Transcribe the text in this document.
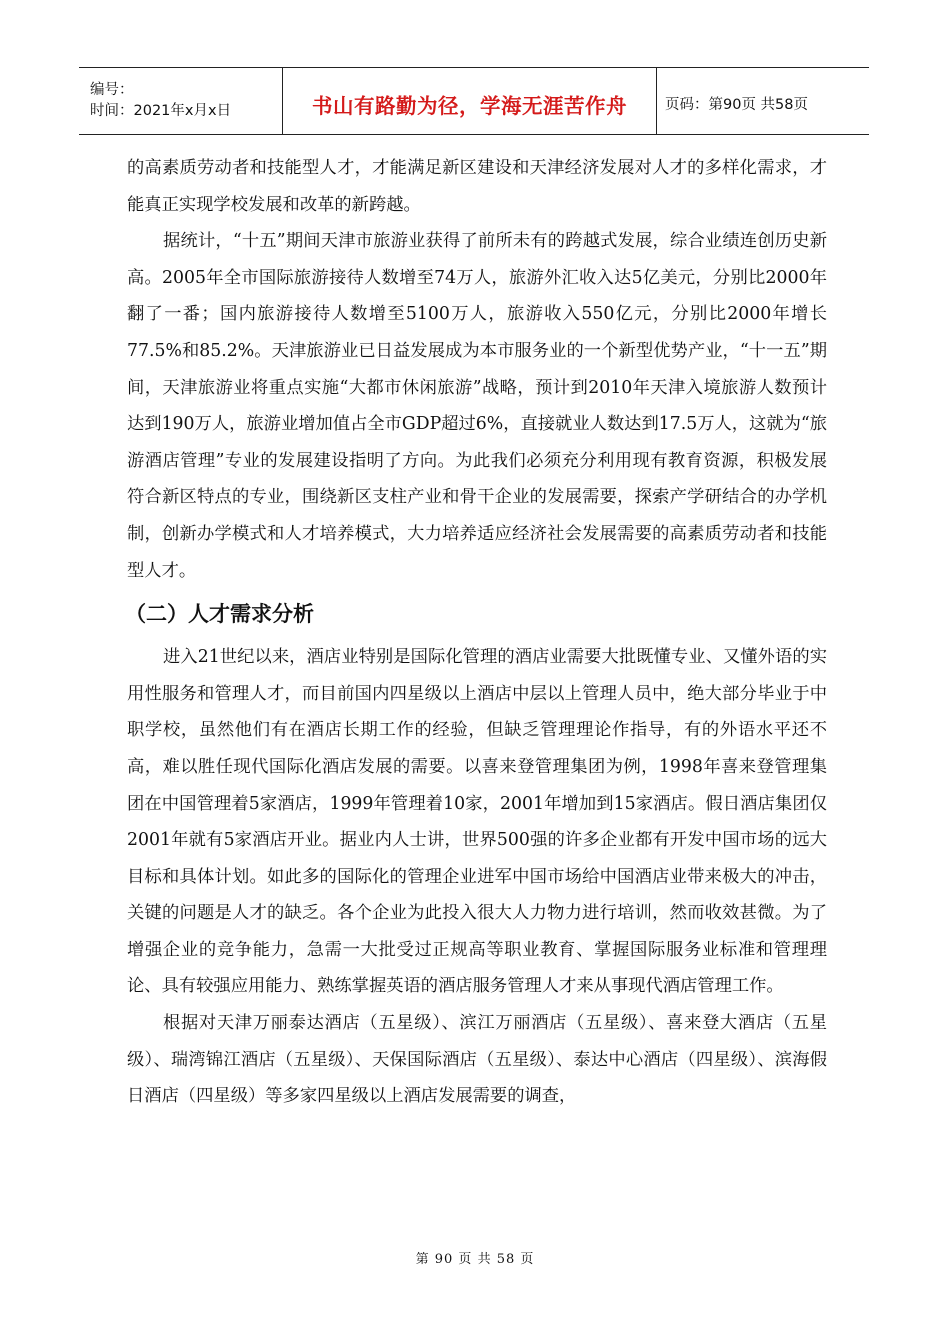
编号：
时间：2021年x月x日	书山有路勤为径，学海无涯苦作舟	页码：第90页 共58页

的高素质劳动者和技能型人才，才能满足新区建设和天津经济发展对人才的多样化需求，才能真正实现学校发展和改革的新跨越。

据统计，“十五”期间天津市旅游业获得了前所未有的跨越式发展，综合业绩连创历史新高。2005年全市国际旅游接待人数增至74万人，旅游外汇收入达5亿美元，分别比2000年翻了一番；国内旅游接待人数增至5100万人，旅游收入550亿元，分别比2000年增长77.5%和85.2%。天津旅游业已日益发展成为本市服务业的一个新型优势产业，“十一五”期间，天津旅游业将重点实施“大都市休闲旅游”战略，预计到2010年天津入境旅游人数预计达到190万人，旅游业增加值占全市GDP超过6%，直接就业人数达到17.5万人，这就为“旅游酒店管理”专业的发展建设指明了方向。为此我们必须充分利用现有教育资源，积极发展符合新区特点的专业，围绕新区支柱产业和骨干企业的发展需要，探索产学研结合的办学机制，创新办学模式和人才培养模式，大力培养适应经济社会发展需要的高素质劳动者和技能型人才。

（二）人才需求分析

进入21世纪以来，酒店业特别是国际化管理的酒店业需要大批既懂专业、又懂外语的实用性服务和管理人才，而目前国内四星级以上酒店中层以上管理人员中，绝大部分毕业于中职学校，虽然他们有在酒店长期工作的经验，但缺乏管理理论作指导，有的外语水平还不高，难以胜任现代国际化酒店发展的需要。以喜来登管理集团为例，1998年喜来登管理集团在中国管理着5家酒店，1999年管理着10家，2001年增加到15家酒店。假日酒店集团仅2001年就有5家酒店开业。据业内人士讲，世界500强的许多企业都有开发中国市场的远大目标和具体计划。如此多的国际化的管理企业进军中国市场给中国酒店业带来极大的冲击，关键的问题是人才的缺乏。各个企业为此投入很大人力物力进行培训，然而收效甚微。为了增强企业的竞争能力，急需一大批受过正规高等职业教育、掌握国际服务业标准和管理理论、具有较强应用能力、熟练掌握英语的酒店服务管理人才来从事现代酒店管理工作。

根据对天津万丽泰达酒店（五星级）、滨江万丽酒店（五星级）、喜来登大酒店（五星级）、瑞湾锦江酒店（五星级）、天保国际酒店（五星级）、泰达中心酒店（四星级）、滨海假日酒店（四星级）等多家四星级以上酒店发展需要的调查，

第 90 页 共 58 页
